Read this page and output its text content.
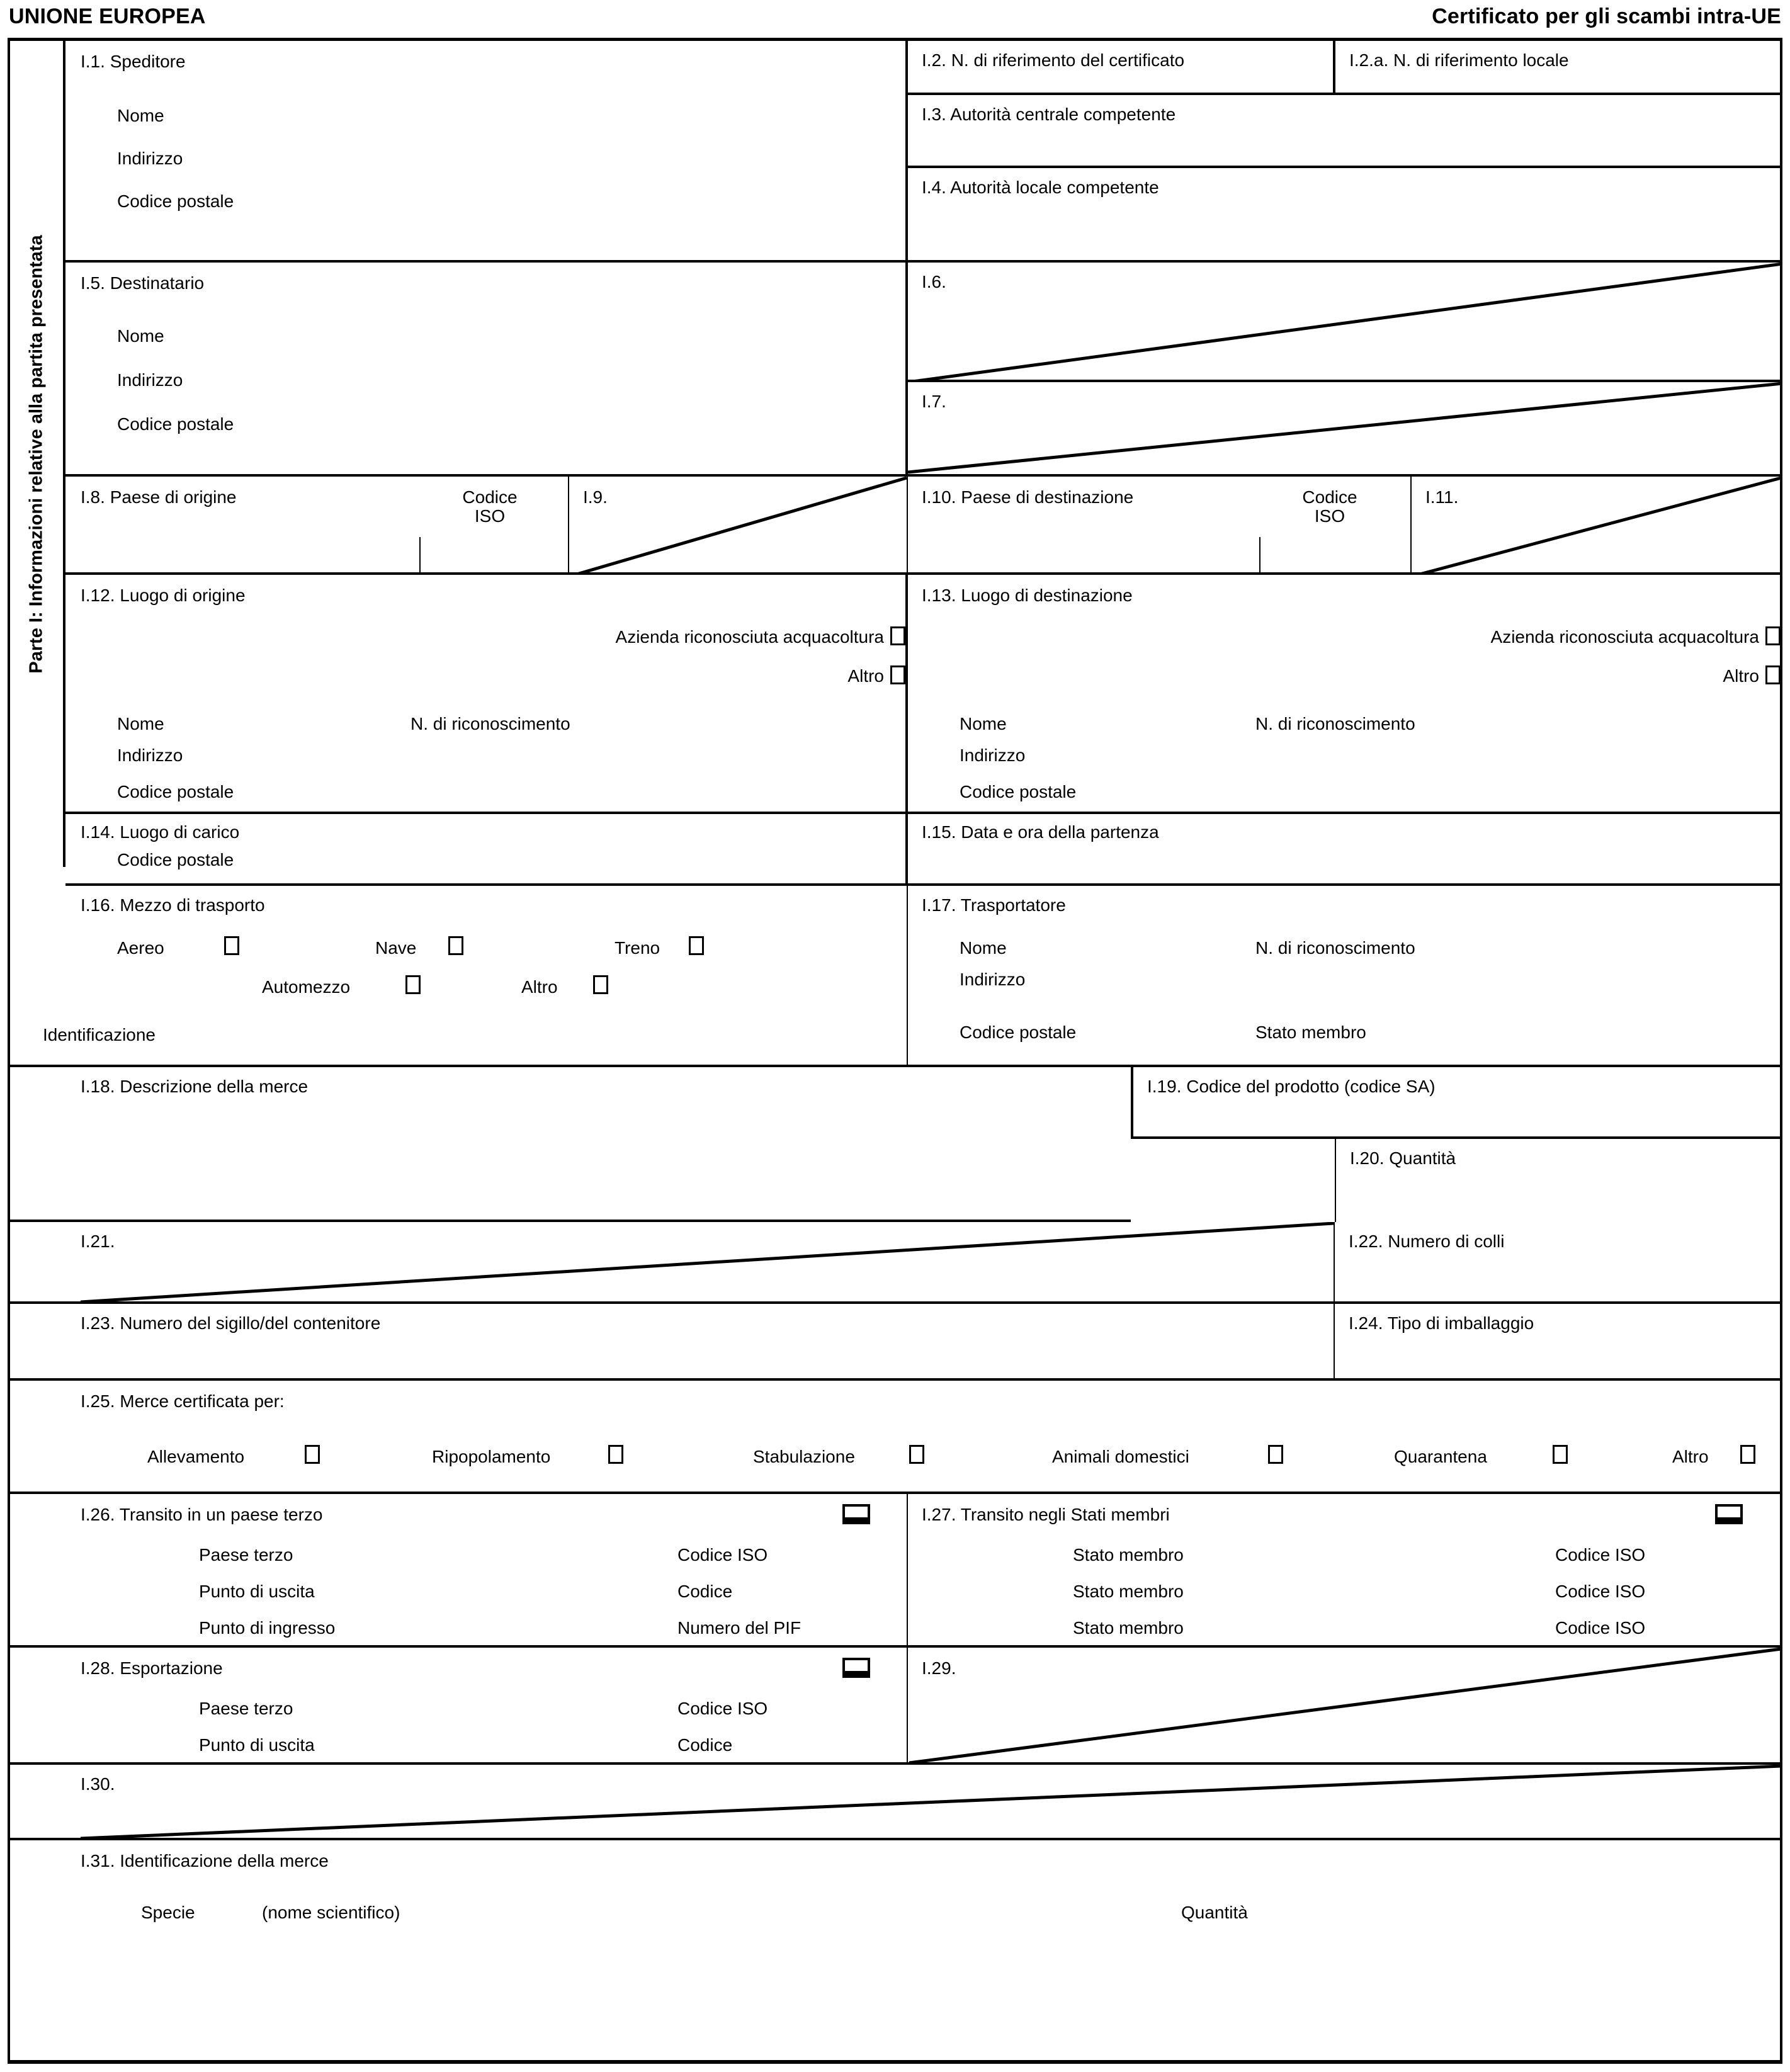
UNIONE EUROPEA	Certificato per gli scambi intra-UE
Parte I: Informazioni relative alla partita presentata
I.1. Speditore
Nome
Indirizzo
Codice postale
I.2. N. di riferimento del certificato	I.2.a. N. di riferimento locale
I.3. Autorità centrale competente
I.4. Autorità locale competente
I.5. Destinatario
Nome
Indirizzo
Codice postale
I.6.
I.7.
I.8. Paese di origine	Codice
ISO
I.9.	I.10. Paese di destinazione	Codice
ISO
I.11.
I.12. Luogo di origine
Azienda riconosciuta acquacoltura
Altro
Nome	N. di riconoscimento
Indirizzo
Codice postale
I.13. Luogo di destinazione
Azienda riconosciuta acquacoltura
Altro
Nome	N. di riconoscimento
Indirizzo
Codice postale
I.14. Luogo di carico
Codice postale
I.15. Data e ora della partenza
I.16. Mezzo di trasporto
Aereo	Nave	Treno
Automezzo	Altro
Identificazione
I.17. Trasportatore
Nome	N. di riconoscimento
Indirizzo
Codice postale	Stato membro
I.18. Descrizione della merce	I.19. Codice del prodotto (codice SA)
I.20. Quantità
I.21.	I.22. Numero di colli
I.23. Numero del sigillo/del contenitore	I.24. Tipo di imballaggio
I.25. Merce certificata per:
Allevamento	Ripopolamento	Stabulazione	Animali domestici	Quarantena	Altro
I.26. Transito in un paese terzo
Paese terzo	Codice ISO
Punto di uscita	Codice
Punto di ingresso	Numero del PIF
I.27. Transito negli Stati membri
Stato membro	Codice ISO
Stato membro	Codice ISO
Stato membro	Codice ISO
I.28. Esportazione
Paese terzo	Codice ISO
Punto di uscita	Codice
I.29.
I.30.
I.31. Identificazione della merce
Specie	(nome scientifico)	Quantità
